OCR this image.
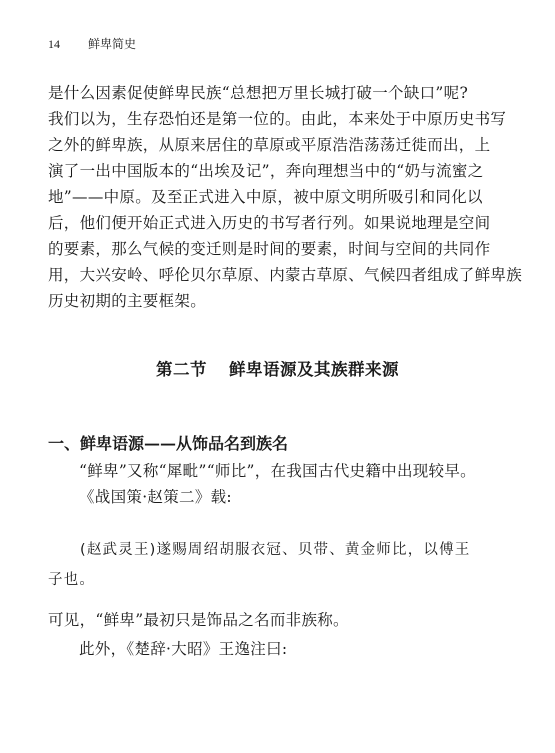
14 鲜卑简史
是什么因素促使鲜卑民族“总想把万里长城打破一个缺口”呢?
我们以为，生存恐怕还是第一位的。由此，本来处于中原历史书写
之外的鲜卑族，从原来居住的草原或平原浩浩荡荡迁徙而出，上
演了一出中国版本的“出埃及记”，奔向理想当中的“奶与流蜜之
地”——中原。及至正式进入中原，被中原文明所吸引和同化以
后，他们便开始正式进入历史的书写者行列。如果说地理是空间
的要素，那么气候的变迁则是时间的要素，时间与空间的共同作
用，大兴安岭、呼伦贝尔草原、内蒙古草原、气候四者组成了鲜卑族
历史初期的主要框架。
第二节 鲜卑语源及其族群来源
一、鲜卑语源——从饰品名到族名
“鲜卑”又称“犀毗”“师比”，在我国古代史籍中出现较早。
《战国策·赵策二》载:
(赵武灵王)遂赐周绍胡服衣冠、贝带、黄金师比，以傅王
子也。
可见，“鲜卑”最初只是饰品之名而非族称。
此外，《楚辞·大昭》王逸注曰:
